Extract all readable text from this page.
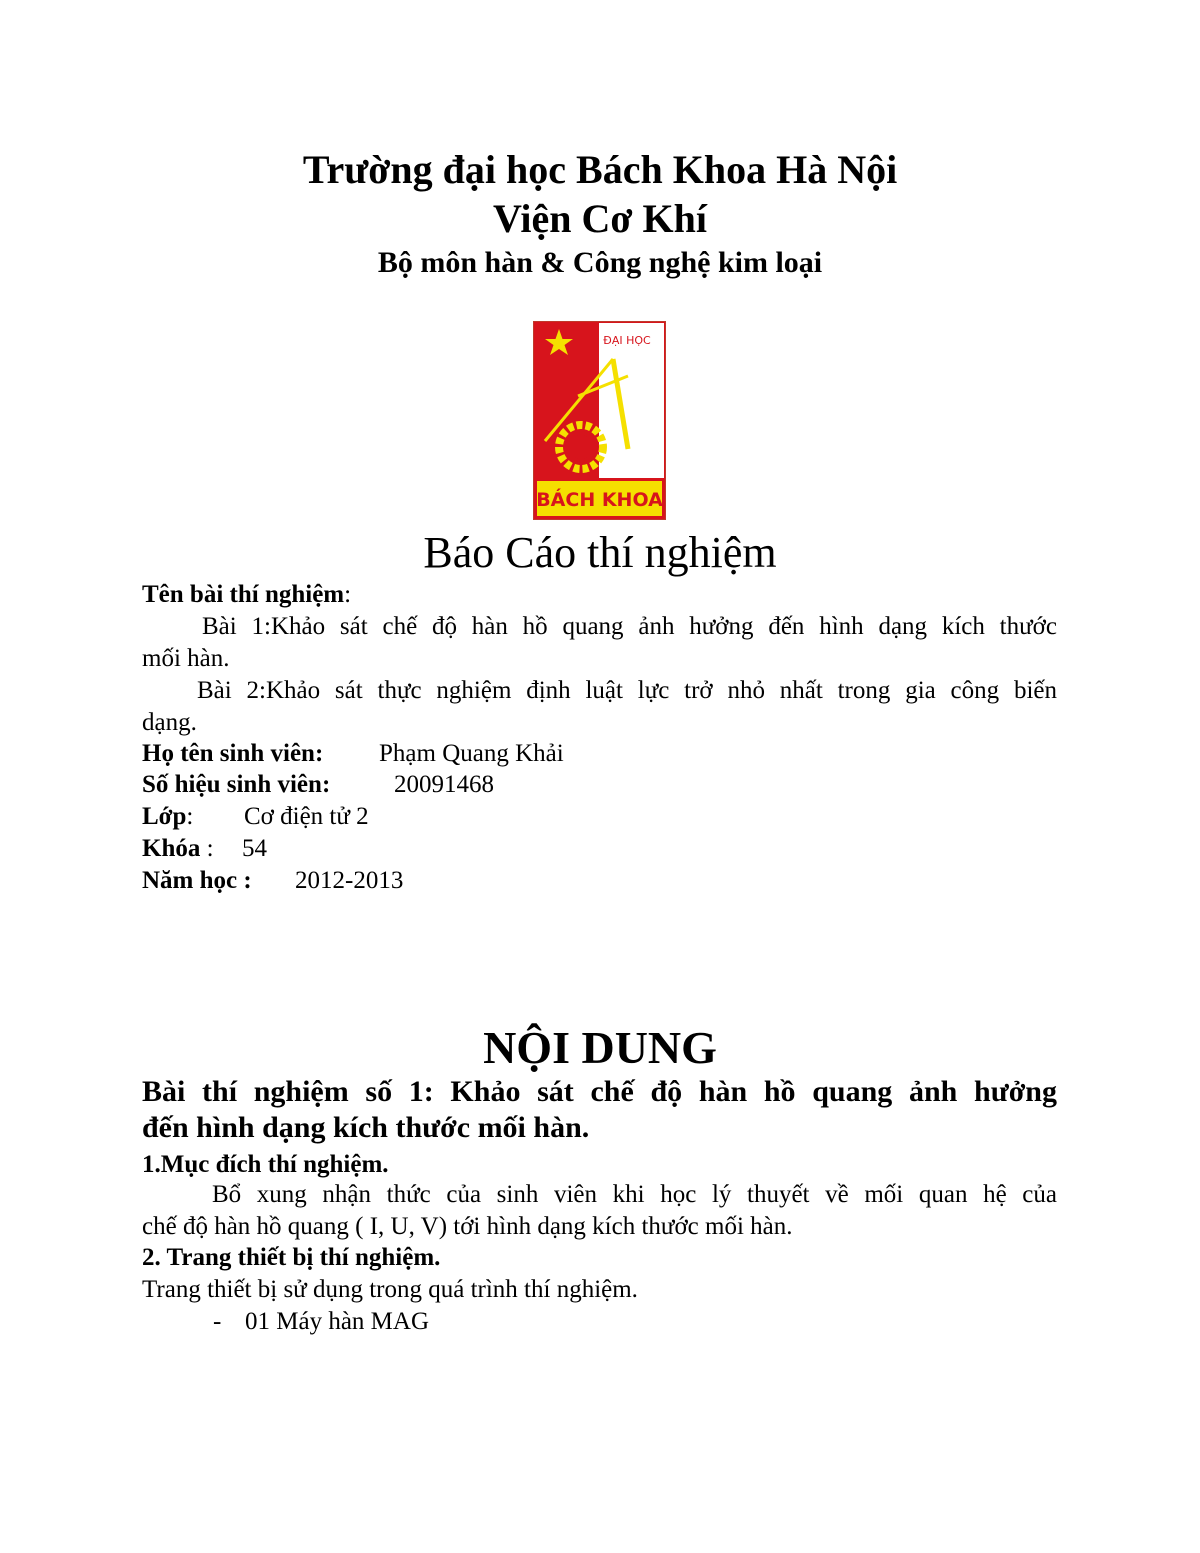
Trường đại học Bách Khoa Hà Nội
Viện Cơ Khí
Bộ môn hàn & Công nghệ kim loại
ĐẠI HỌC
BÁCH KHOA
Báo Cáo thí nghiệm
Tên bài thí nghiệm:
Bài 1:Khảo sát chế độ hàn hồ quang ảnh hưởng đến hình dạng kích thước
mối hàn.
Bài 2:Khảo sát thực nghiệm định luật lực trở nhỏ nhất trong gia công biến
dạng.
Họ tên sinh viên: Phạm Quang Khải
Số hiệu sinh viên:	20091468
Lớp: Cơ điện tử 2
Khóa : 54
Năm học : 2012-2013
NỘI DUNG
Bài thí nghiệm số 1: Khảo sát chế độ hàn hồ quang ảnh hưởng
đến hình dạng kích thước mối hàn.
1.Mục đích thí nghiệm.
Bổ xung nhận thức của sinh viên khi học lý thuyết về mối quan hệ của
chế độ hàn hồ quang ( I, U, V) tới hình dạng kích thước mối hàn.
2. Trang thiết bị thí nghiệm.
Trang thiết bị sử dụng trong quá trình thí nghiệm.
- 01 Máy hàn MAG
